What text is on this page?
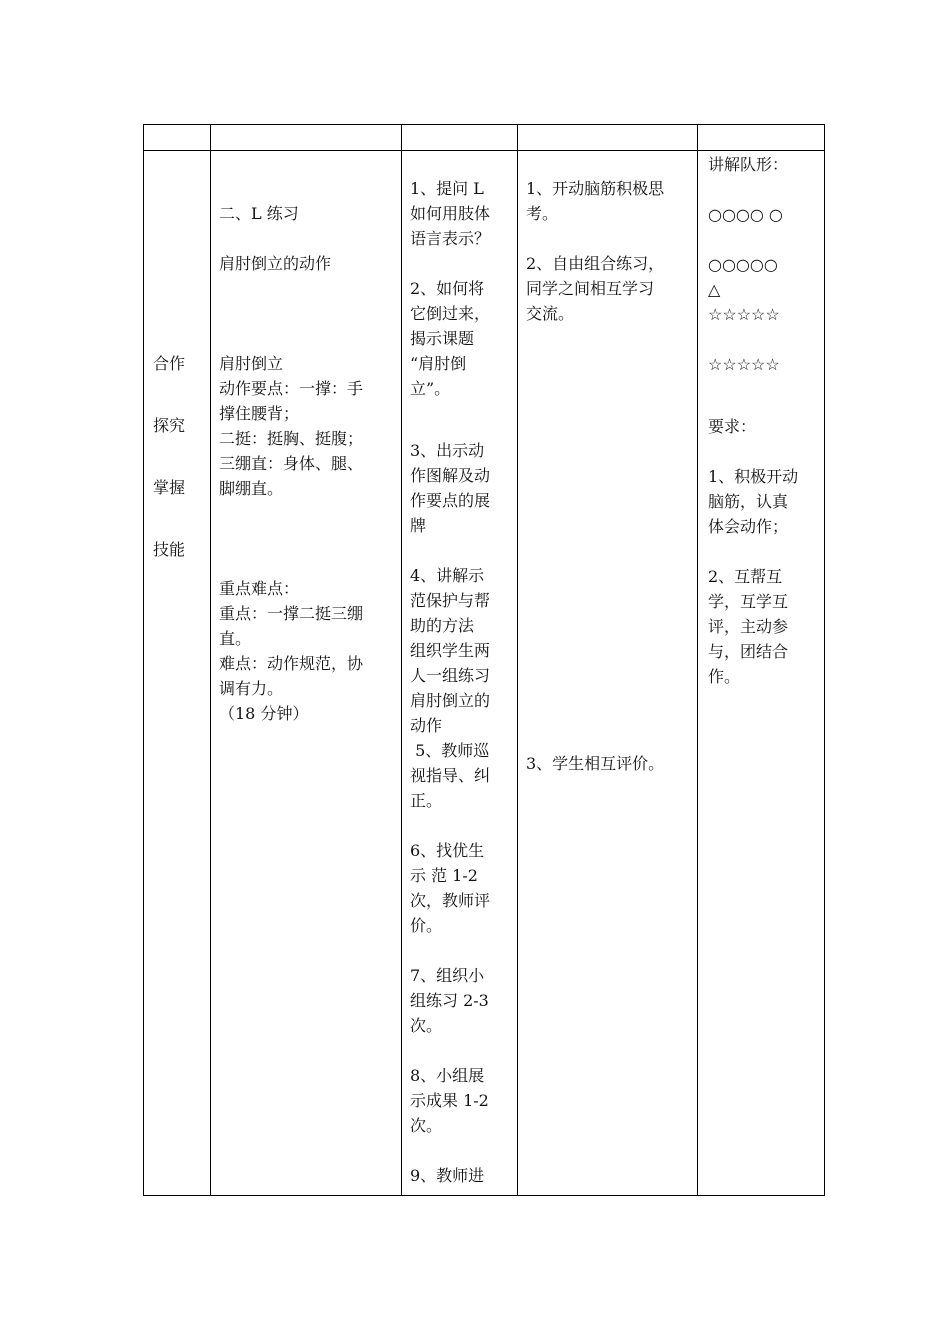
合作
探究
掌握
技能
二、L 练习
肩肘倒立的动作
肩肘倒立
动作要点：一撑：手
撑住腰背；
二挺：挺胸、挺腹；
三绷直：身体、腿、
脚绷直。
重点难点：
重点：一撑二挺三绷
直。
难点：动作规范，协
调有力。
（18 分钟）
1、提问 L
如何用肢体
语言表示？
2、如何将
它倒过来，
揭示课题
“肩肘倒
立”。
3、出示动
作图解及动
作要点的展
牌
4、讲解示
范保护与帮
助的方法
组织学生两
人一组练习
肩肘倒立的
动作
5、教师巡
视指导、纠
正。
6、找优生
示 范 1-2
次，教师评
价。
7、组织小
组练习 2-3
次。
8、小组展
示成果 1-2
次。
9、教师进
1、开动脑筋积极思
考。
2、自由组合练习，
同学之间相互学习
交流。
3、学生相互评价。
讲解队形：
○○○○ ○
○○○○○
△
☆☆☆☆☆
☆☆☆☆☆
要求：
1、积极开动
脑筋，认真
体会动作；
2、互帮互
学，互学互
评，主动参
与，团结合
作。
